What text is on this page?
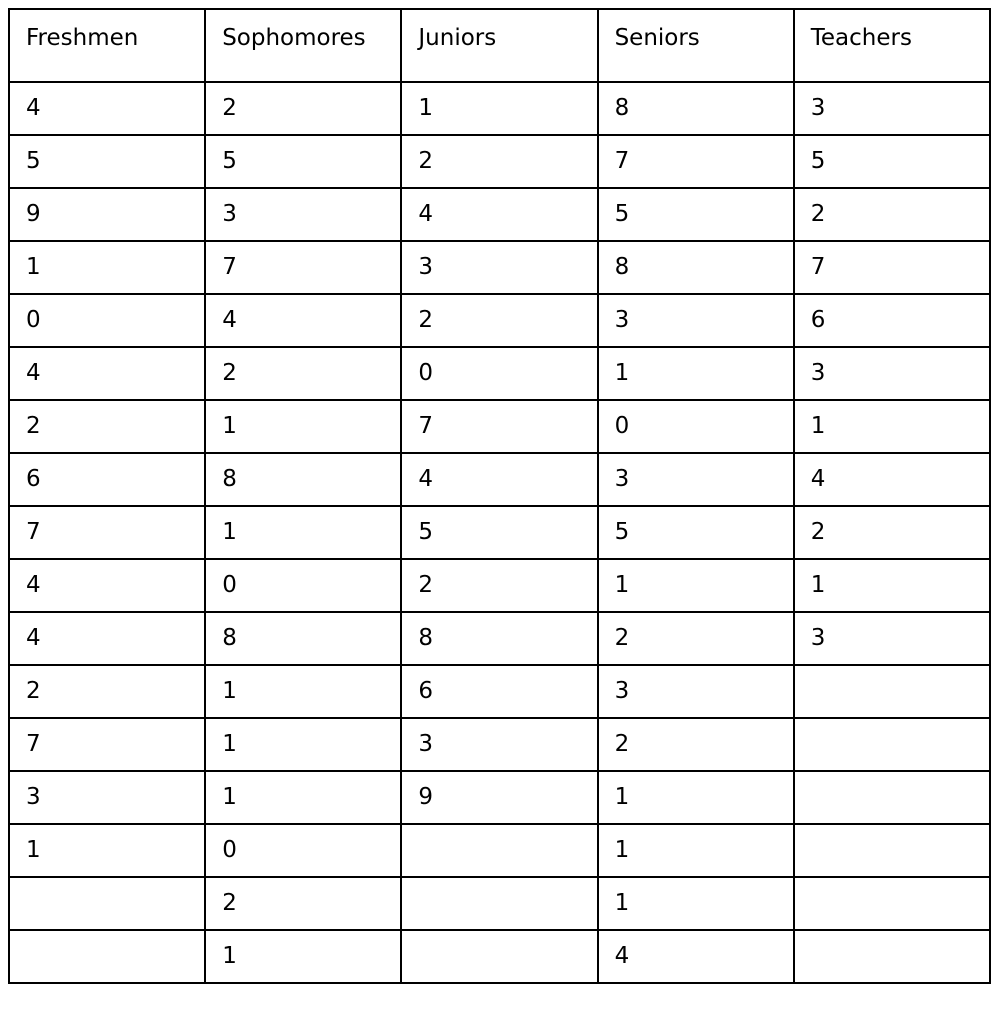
Freshmen	Sophomores	Juniors	Seniors	Teachers
4	2	1	8	3
5	5	2	7	5
9	3	4	5	2
1	7	3	8	7
0	4	2	3	6
4	2	0	1	3
2	1	7	0	1
6	8	4	3	4
7	1	5	5	2
4	0	2	1	1
4	8	8	2	3
2	1	6	3	
7	1	3	2	
3	1	9	1	
1	0		1	
	2		1	
	1		4	
